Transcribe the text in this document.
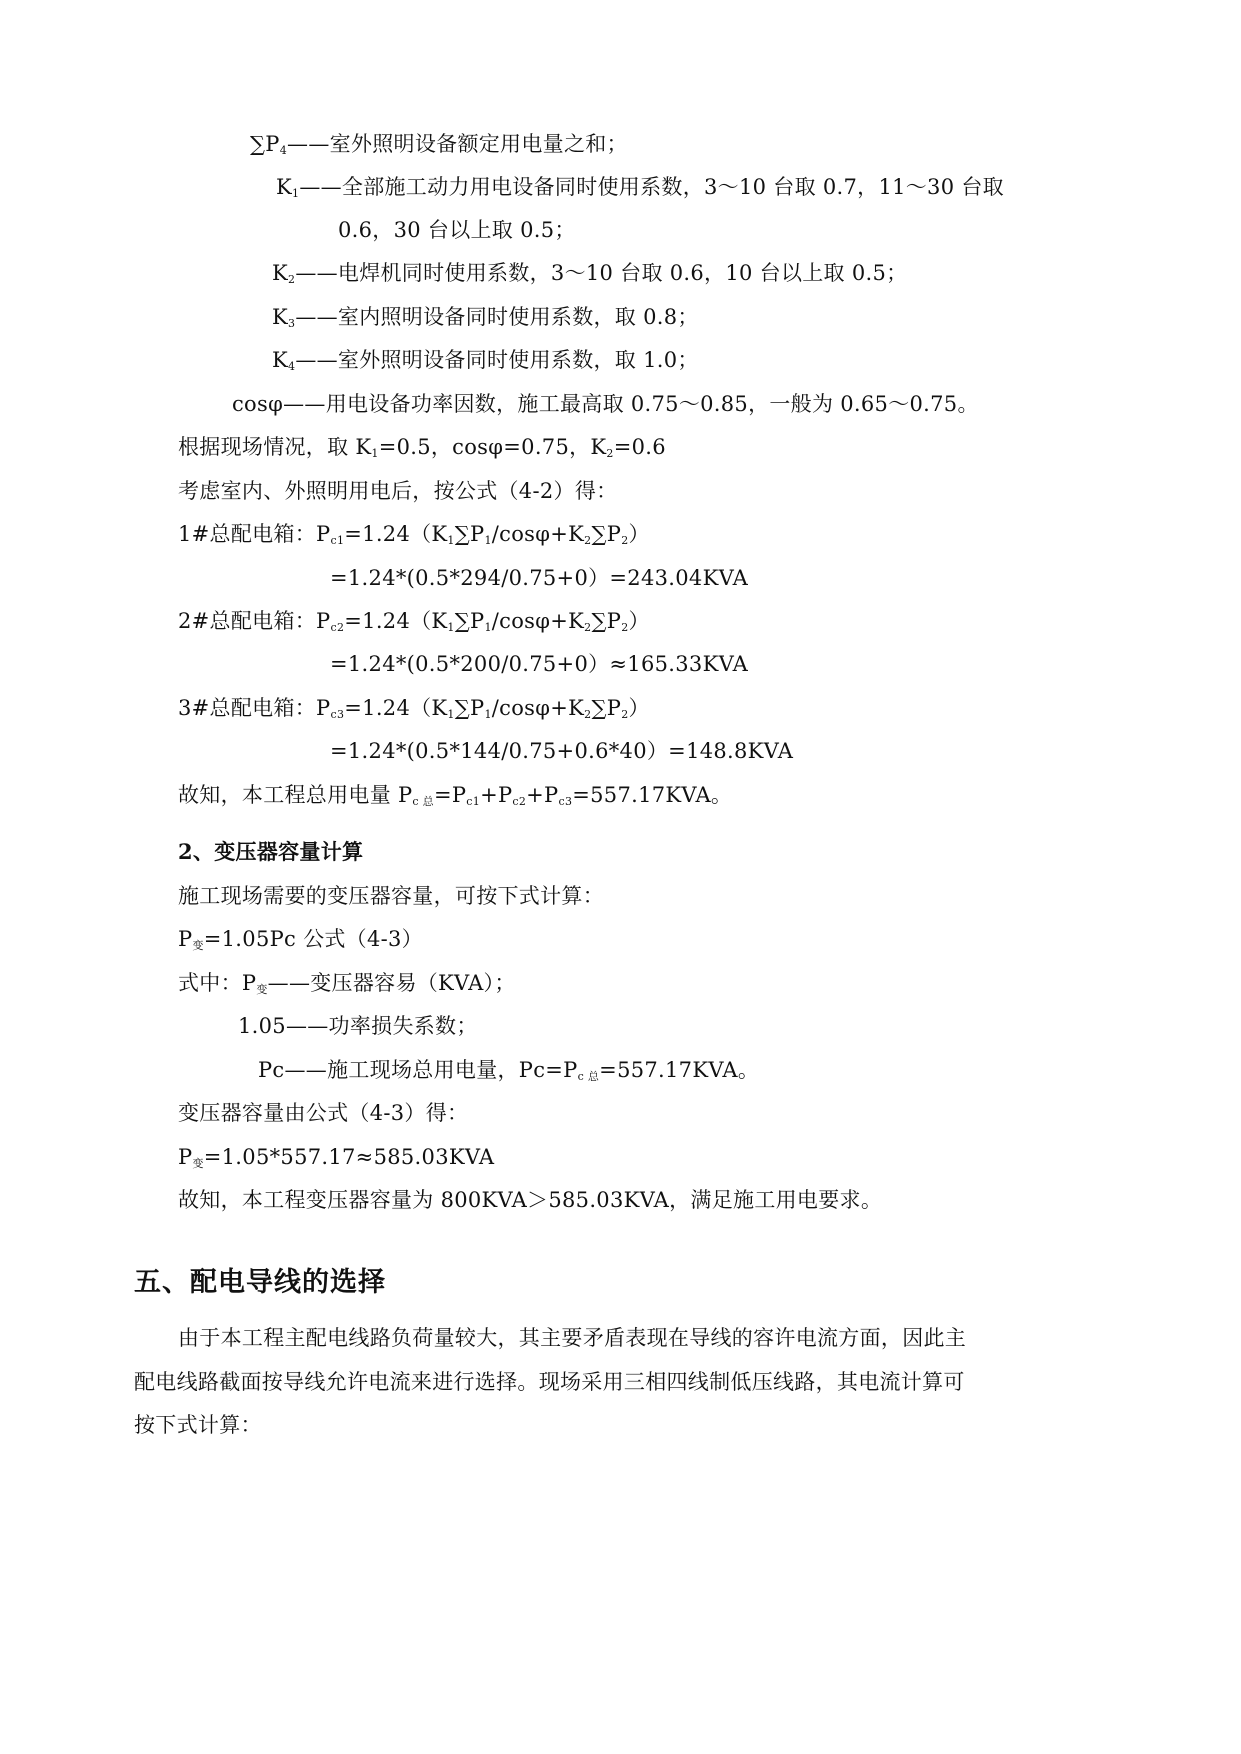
$\sum P_4——$室外照明设备额定用电量之和；
$K_1——$全部施工动力用电设备同时使用系数，3～10 台取 0.7，11～30 台取
0.6，30 台以上取 0.5；
$K_2——$电焊机同时使用系数，3～10 台取 0.6，10 台以上取 0.5；
$K_3——$室内照明设备同时使用系数，取 0.8；
$K_4——$室外照明设备同时使用系数，取 1.0；
cosφ——用电设备功率因数，施工最高取 0.75～0.85，一般为 0.65～0.75。
根据现场情况，取 $K_1=0.5$，cosφ=0.75，$K_2=0.6$
考虑室内、外照明用电后，按公式（4-2）得：
1#总配电箱：$P_{c1}=1.24(K_1\sum P_1/\cos\varphi+K_2\sum P_2)$
=1.24*(0.5*294/0.75+0）=243.04KVA
2#总配电箱：$P_{c2}=1.24(K_1\sum P_1/\cos\varphi+K_2\sum P_2)$
=1.24*(0.5*200/0.75+0）≈165.33KVA
3#总配电箱：$P_{c3}=1.24(K_1\sum P_1/\cos\varphi+K_2\sum P_2)$
=1.24*(0.5*144/0.75+0.6*40）=148.8KVA
故知，本工程总用电量 $P_{c 总}=P_{c1}+P_{c2}+P_{c3}=557.17KVA$。
2、变压器容量计算
施工现场需要的变压器容量，可按下式计算：
$P_变=1.05Pc$ 公式（4-3）
式中：$P_变——$变压器容易（KVA）；
1.05——功率损失系数；
Pc——施工现场总用电量，$Pc=P_{c 总}=557.17KVA$。
变压器容量由公式（4-3）得：
$P_变=1.05*557.17\approx 585.03KVA$
故知，本工程变压器容量为 800KVA＞585.03KVA，满足施工用电要求。
五、配电导线的选择
由于本工程主配电线路负荷量较大，其主要矛盾表现在导线的容许电流方面，因此主
配电线路截面按导线允许电流来进行选择。现场采用三相四线制低压线路，其电流计算可
按下式计算：
